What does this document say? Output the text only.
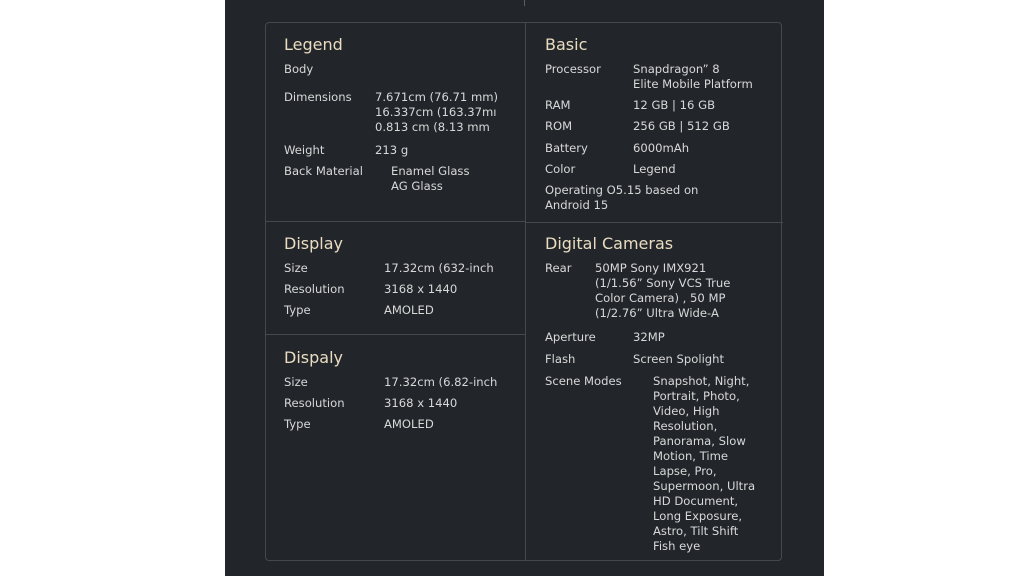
Legend
Body
Dimensions 7.671cm (76.71 mm)
16.337cm (163.37mı
0.813 cm (8.13 mm
Weight	213 g
Back Material Enamel Glass
AG Glass
Display
Size	17.32cm (632-inch
Resolution	3168 x 1440
Type	AMOLED
Dispaly
Size	17.32cm (6.82-inch
Resolution	3168 x 1440
Type	AMOLED
Basic
Processor	Snapdragon” 8
Elite Mobile Platform
RAM	12 GB | 16 GB
ROM	256 GB | 512 GB
Battery	6000mAh
Color	Legend
Operating O5.15 based on
Android 15
Digital Cameras
Rear 50MP Sony IMX921
(1/1.56” Sony VCS True
Color Camera) , 50 MP
(1/2.76” Ultra Wide-A
Aperture	32MP
Flash	Screen Spolight
Scene Modes	Snapshot, Night,
Portrait, Photo,
Video, High
Resolution,
Panorama, Slow
Motion, Time
Lapse, Pro,
Supermoon, Ultra
HD Document,
Long Exposure,
Astro, Tilt Shift
Fish eye
